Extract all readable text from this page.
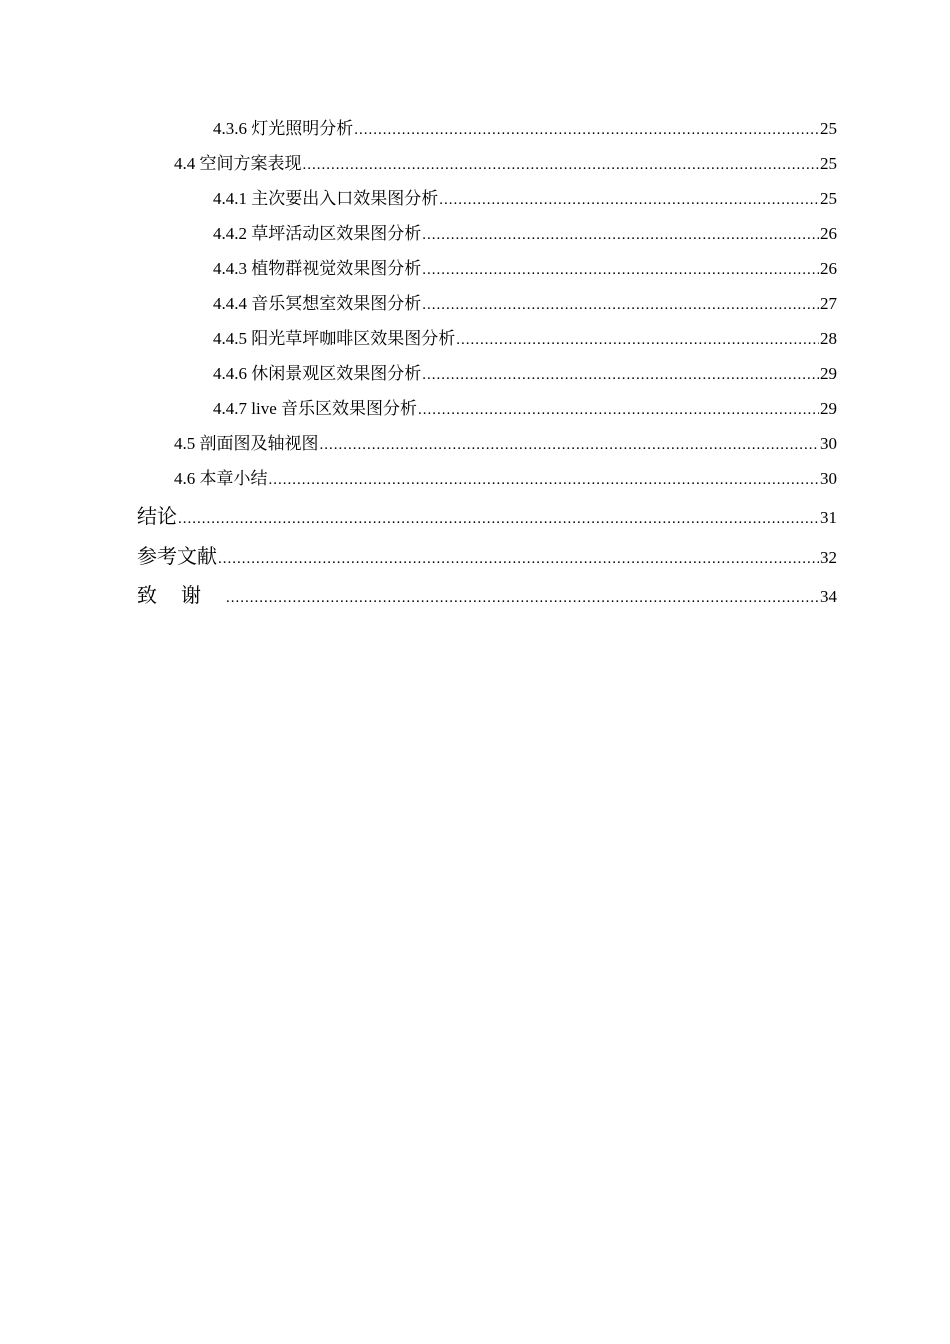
4.3.6 灯光照明分析 .....	25
4.4 空间方案表现 .....	25
4.4.1 主次要出入口效果图分析 .....	25
4.4.2 草坪活动区效果图分析 .....	26
4.4.3 植物群视觉效果图分析 .....	26
4.4.4 音乐冥想室效果图分析 .....	27
4.4.5 阳光草坪咖啡区效果图分析 .....	28
4.4.6 休闲景观区效果图分析 .....	29
4.4.7 live 音乐区效果图分析 .....	29
4.5 剖面图及轴视图 .....	30
4.6 本章小结 .....	30
结论 .....	31
参考文献 .....	32
致谢 .....	34
